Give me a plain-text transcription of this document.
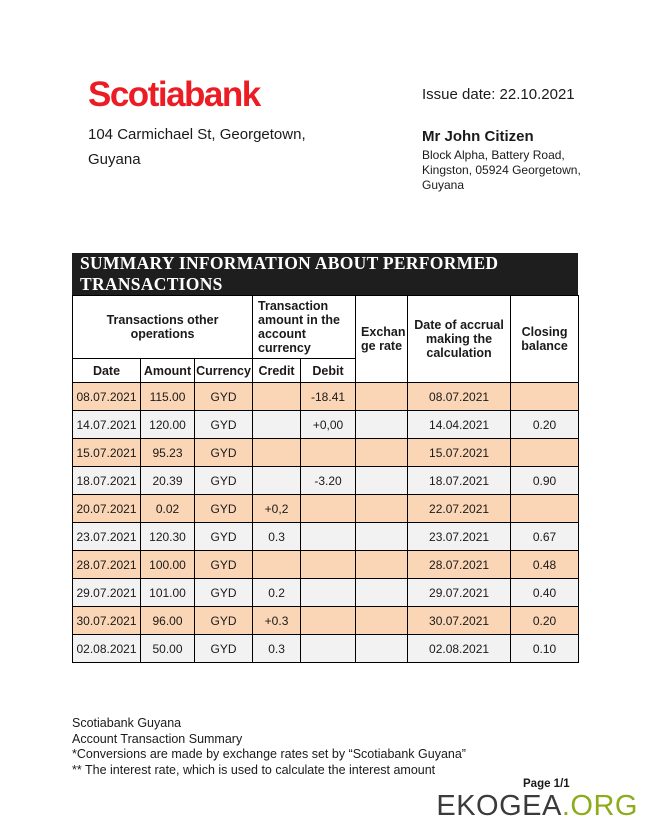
Scotiabank
104 Carmichael St, Georgetown,
Guyana
Issue date: 22.10.2021
Mr John Citizen
Block Alpha, Battery Road,
Kingston, 05924 Georgetown,
Guyana
SUMMARY INFORMATION ABOUT PERFORMED TRANSACTIONS
Transactions other operations			Transaction amount in the account currency		Exchan ge rate	Date of accrual making the calculation	Closing balance
Date	Amount	Currency	Credit	Debit			
08.07.2021	115.00	GYD		-18.41		08.07.2021	
14.07.2021	120.00	GYD		+0,00		14.04.2021	0.20
15.07.2021	95.23	GYD				15.07.2021	
18.07.2021	20.39	GYD		-3.20		18.07.2021	0.90
20.07.2021	0.02	GYD	+0,2			22.07.2021	
23.07.2021	120.30	GYD	0.3			23.07.2021	0.67
28.07.2021	100.00	GYD				28.07.2021	0.48
29.07.2021	101.00	GYD	0.2			29.07.2021	0.40
30.07.2021	96.00	GYD	+0.3			30.07.2021	0.20
02.08.2021	50.00	GYD	0.3			02.08.2021	0.10
Scotiabank Guyana
Account Transaction Summary
*Conversions are made by exchange rates set by “Scotiabank Guyana”
** The interest rate, which is used to calculate the interest amount
Page 1/1
EKOGEA.ORG
